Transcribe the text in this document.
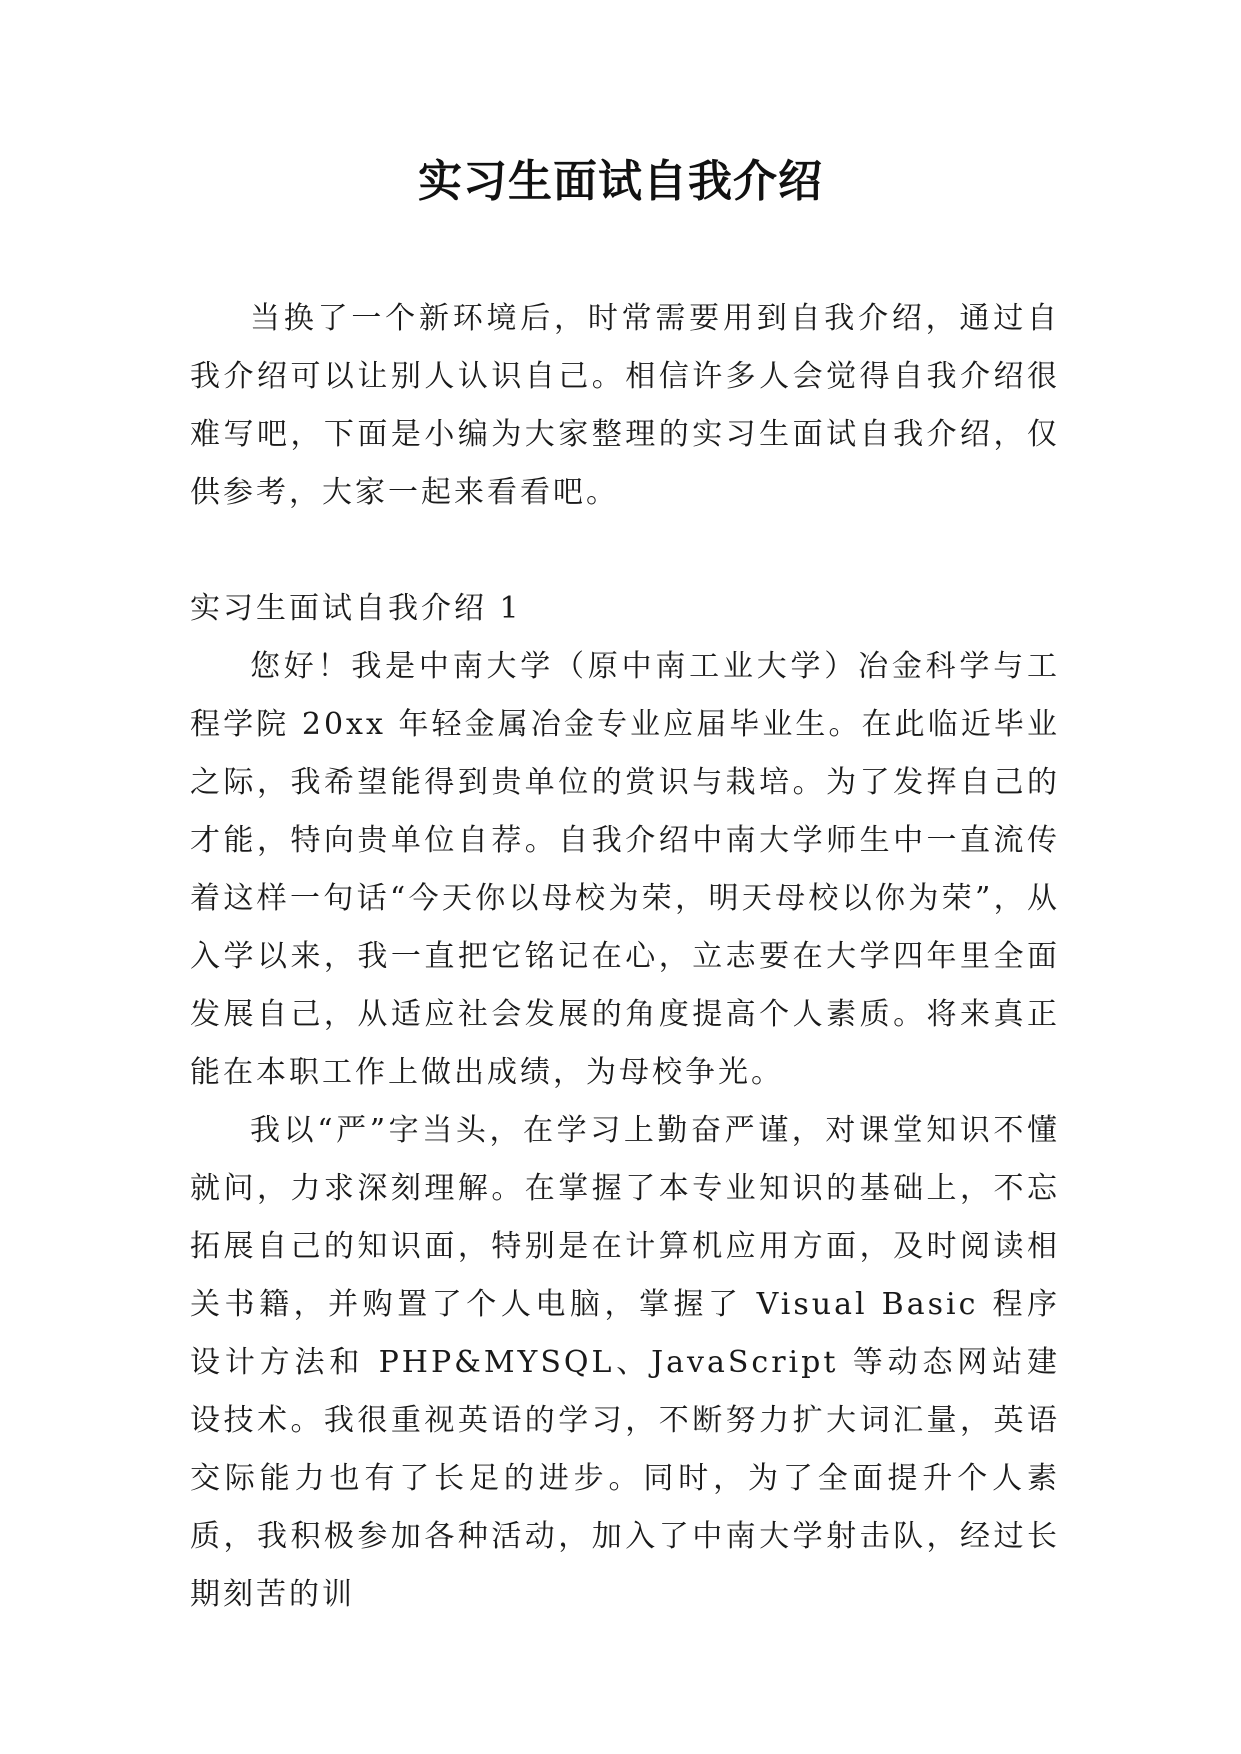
实习生面试自我介绍

当换了一个新环境后，时常需要用到自我介绍，通过自我介绍可以让别人认识自己。相信许多人会觉得自我介绍很难写吧，下面是小编为大家整理的实习生面试自我介绍，仅供参考，大家一起来看看吧。

实习生面试自我介绍 1

您好！我是中南大学（原中南工业大学）冶金科学与工程学院 20xx 年轻金属冶金专业应届毕业生。在此临近毕业之际，我希望能得到贵单位的赏识与栽培。为了发挥自己的才能，特向贵单位自荐。自我介绍中南大学师生中一直流传着这样一句话“今天你以母校为荣，明天母校以你为荣”，从入学以来，我一直把它铭记在心，立志要在大学四年里全面发展自己，从适应社会发展的角度提高个人素质。将来真正能在本职工作上做出成绩，为母校争光。

我以“严”字当头，在学习上勤奋严谨，对课堂知识不懂就问，力求深刻理解。在掌握了本专业知识的基础上，不忘拓展自己的知识面，特别是在计算机应用方面，及时阅读相关书籍，并购置了个人电脑，掌握了 Visual Basic 程序设计方法和 PHP&MYSQL、JavaScript 等动态网站建设技术。我很重视英语的学习，不断努力扩大词汇量，英语交际能力也有了长足的进步。同时，为了全面提升个人素质，我积极参加各种活动，加入了中南大学射击队，经过长期刻苦的训
